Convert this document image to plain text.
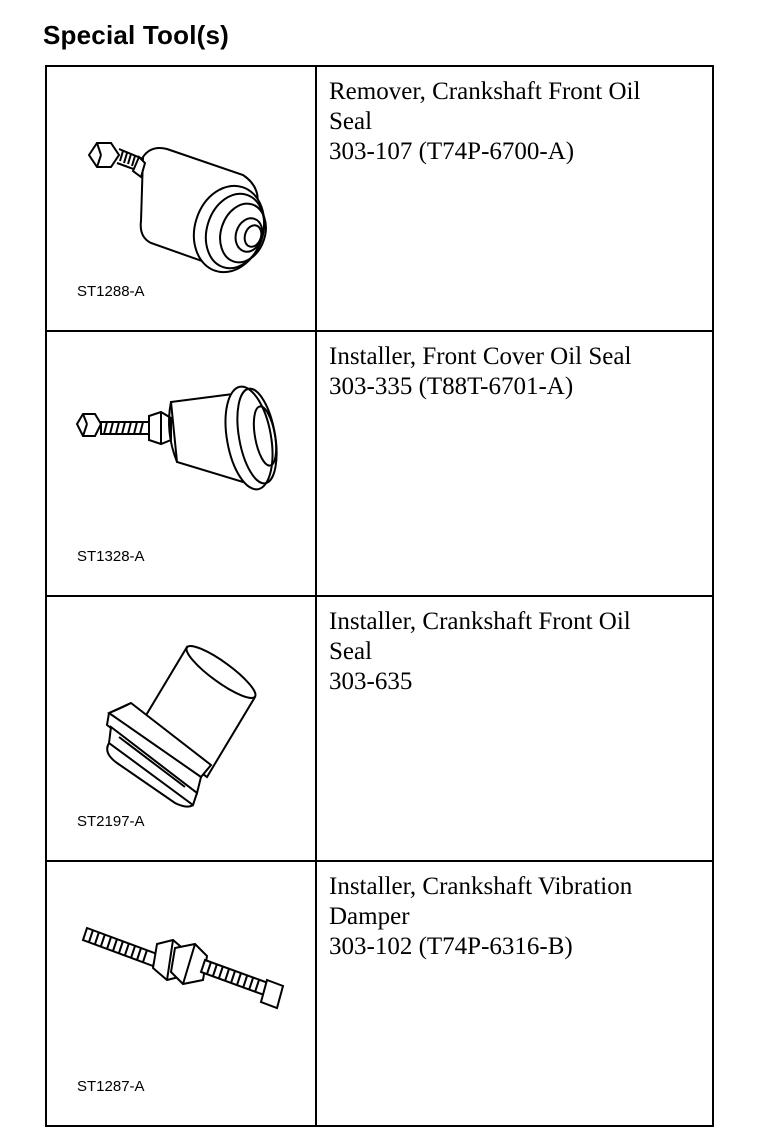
Special Tool(s)
ST1288-A	Remover, Crankshaft Front Oil
Seal
303-107 (T74P-6700-A)

ST1328-A	Installer, Front Cover Oil Seal
303-335 (T88T-6701-A)

ST2197-A	Installer, Crankshaft Front Oil
Seal
303-635

ST1287-A	Installer, Crankshaft Vibration
Damper
303-102 (T74P-6316-B)
